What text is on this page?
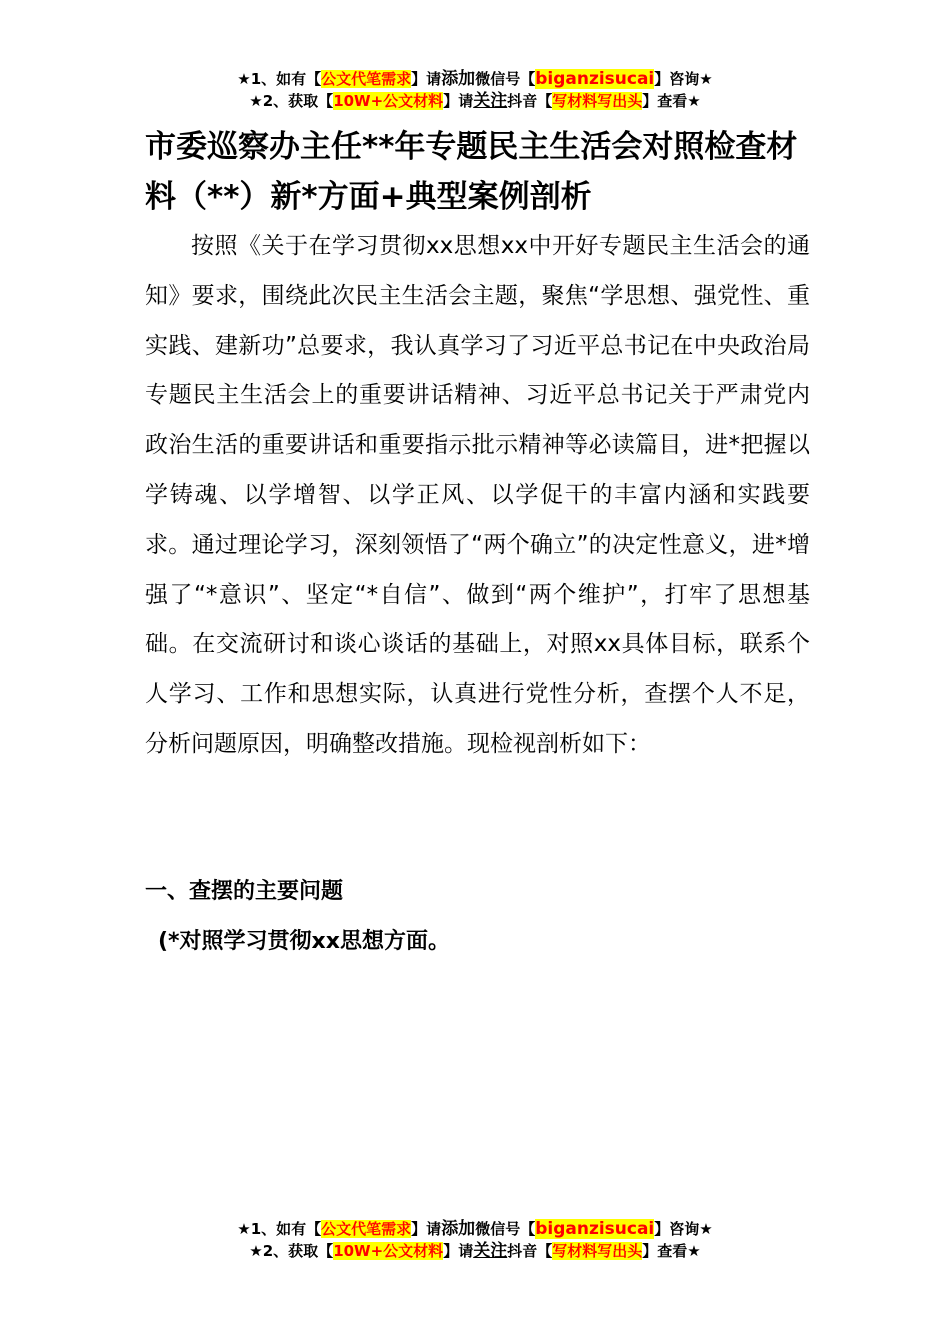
★1、如有【公文代笔需求】请添加微信号【biganzisucai】咨询★
★2、获取【10W+公文材料】请关注抖音【写材料写出头】查看★
市委巡察办主任**年专题民主生活会对照检查材料（**）新*方面+典型案例剖析

按照《关于在学习贯彻xx思想xx中开好专题民主生活会的通知》要求，围绕此次民主生活会主题，聚焦“学思想、强党性、重实践、建新功”总要求，我认真学习了习近平总书记在中央政治局专题民主生活会上的重要讲话精神、习近平总书记关于严肃党内政治生活的重要讲话和重要指示批示精神等必读篇目，进*把握以学铸魂、以学增智、以学正风、以学促干的丰富内涵和实践要求。通过理论学习，深刻领悟了“两个确立”的决定性意义，进*增强了“*意识”、坚定“*自信”、做到“两个维护”，打牢了思想基础。在交流研讨和谈心谈话的基础上，对照xx具体目标，联系个人学习、工作和思想实际，认真进行党性分析，查摆个人不足，分析问题原因，明确整改措施。现检视剖析如下：

一、查摆的主要问题
(*对照学习贯彻xx思想方面。
★1、如有【公文代笔需求】请添加微信号【biganzisucai】咨询★
★2、获取【10W+公文材料】请关注抖音【写材料写出头】查看★
